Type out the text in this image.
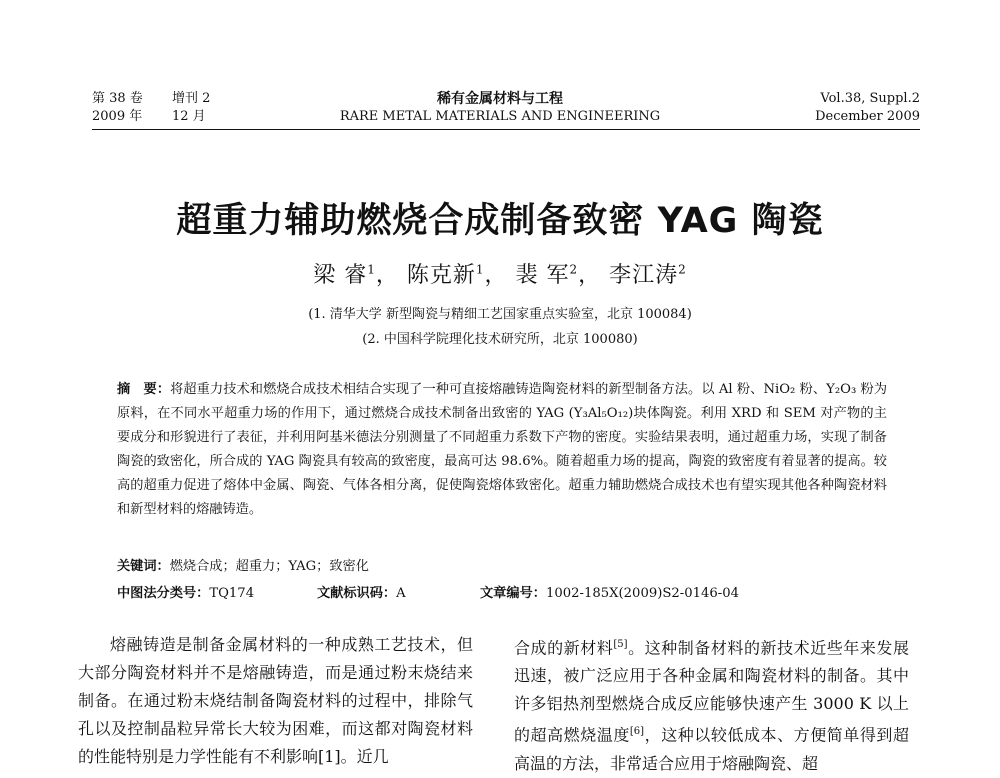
第 38 卷 增刊 2
2009 年 12 月
稀有金属材料与工程
RARE METAL MATERIALS AND ENGINEERING
Vol.38, Suppl.2
December 2009
超重力辅助燃烧合成制备致密 YAG 陶瓷
梁 睿$^1$， 陈克新$^1$， 裴 军$^2$， 李江涛$^2$
(1. 清华大学 新型陶瓷与精细工艺国家重点实验室，北京 100084)
(2. 中国科学院理化技术研究所，北京 100080)
摘　要：将超重力技术和燃烧合成技术相结合实现了一种可直接熔融铸造陶瓷材料的新型制备方法。以 Al 粉、NiO₂ 粉、Y₂O₃ 粉为原料，在不同水平超重力场的作用下，通过燃烧合成技术制备出致密的 YAG (Y₃Al₅O₁₂)块体陶瓷。利用 XRD 和 SEM 对产物的主要成分和形貌进行了表征，并利用阿基米德法分别测量了不同超重力系数下产物的密度。实验结果表明，通过超重力场，实现了制备陶瓷的致密化，所合成的 YAG 陶瓷具有较高的致密度，最高可达 98.6%。随着超重力场的提高，陶瓷的致密度有着显著的提高。较高的超重力促进了熔体中金属、陶瓷、气体各相分离，促使陶瓷熔体致密化。超重力辅助燃烧合成技术也有望实现其他各种陶瓷材料和新型材料的熔融铸造。
关键词：燃烧合成；超重力；YAG；致密化
中图法分类号：TQ174	文献标识码：A	文章编号：1002-185X(2009)S2-0146-04
熔融铸造是制备金属材料的一种成熟工艺技术，但大部分陶瓷材料并不是熔融铸造，而是通过粉末烧结来制备。在通过粉末烧结制备陶瓷材料的过程中，排除气孔以及控制晶粒异常长大较为困难，而这都对陶瓷材料的性能特别是力学性能有不利影响[1]。近几
合成的新材料[5]。这种制备材料的新技术近些年来发展迅速，被广泛应用于各种金属和陶瓷材料的制备。其中许多铝热剂型燃烧合成反应能够快速产生 3000 K 以上的超高燃烧温度[6]，这种以较低成本、方便简单得到超高温的方法，非常适合应用于熔融陶瓷、超
